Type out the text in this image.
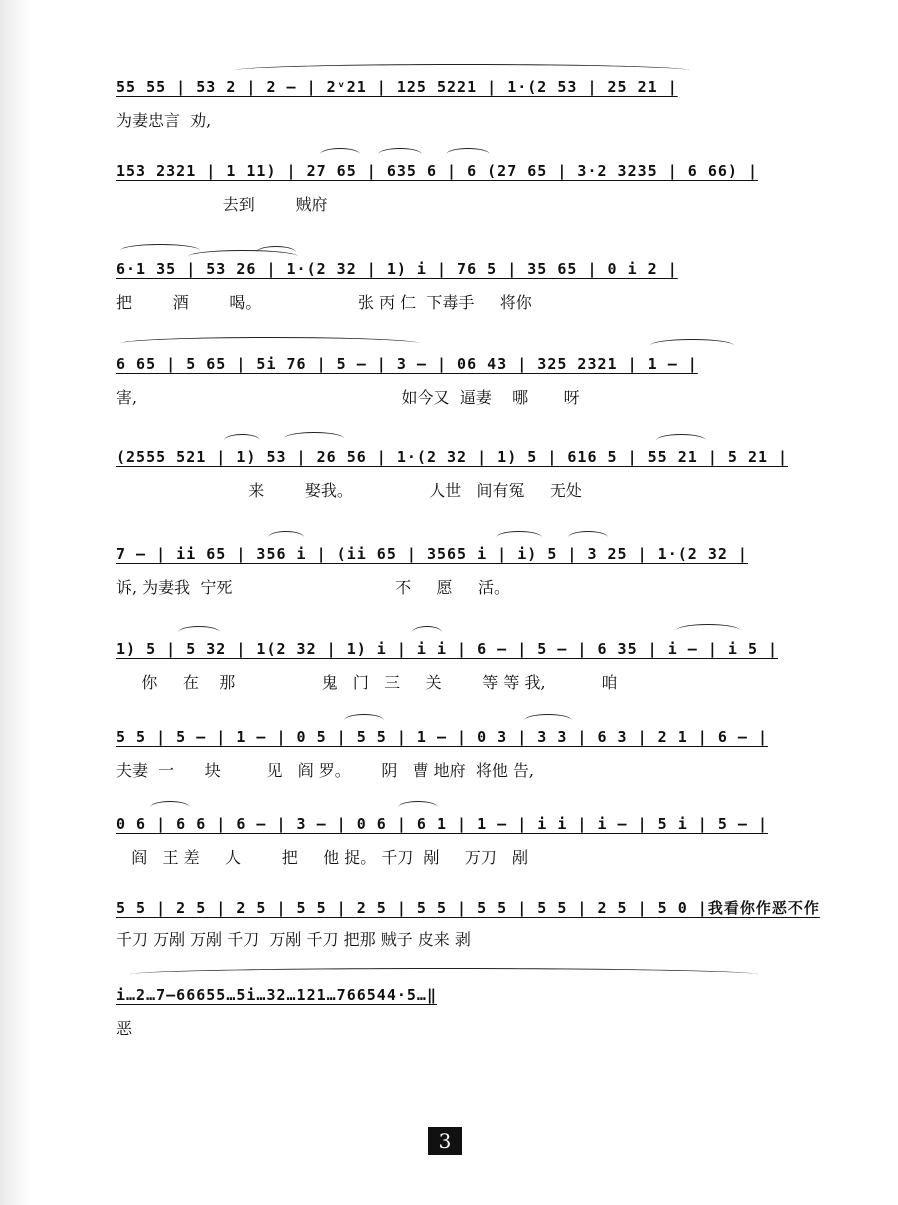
55 55 | 53 2 | 2 — | 2ᵛ21 | 125 5221 | 1·(2 53 | 25 21 |
为妻忠言  劝,
153 2321 | 1 11) | 27 65 | 635 6 | 6 (27 65 | 3·2 3235 | 6 66) |
去到        贼府
6·1 35 | 53 26 | 1·(2 32 | 1) i | 76 5 | 35 65 | 0 i 2 |
把        酒        喝。                   张 丙 仁  下毒手     将你
6 65 | 5 65 | 5i 76 | 5 — | 3 — | 06 43 | 325 2321 | 1 — |
害,                                                    如今又  逼妻    哪       呀
(2555 521 | 1) 53 | 26 56 | 1·(2 32 | 1) 5 | 616 5 | 55 21 | 5 21 |
来        娶我。               人世   间有冤     无处
7 — | ii 65 | 356 i | (ii 65 | 3565 i | i) 5 | 3 25 | 1·(2 32 |
诉, 为妻我  宁死                                不     愿     活。
1) 5 | 5 32 | 1(2 32 | 1) i | i i | 6 — | 5 — | 6 35 | i — | i 5 |
你     在    那                 鬼   门   三     关        等 等 我,           咱
5 5 | 5 — | 1 — | 0 5 | 5 5 | 1 — | 0 3 | 3 3 | 6 3 | 2 1 | 6 — |
夫妻  一      块         见   阎 罗。      阴   曹 地府  将他 告,
0 6 | 6 6 | 6 — | 3 — | 0 6 | 6 1 | 1 — | i i | i — | 5 i | 5 — |
阎   王 差     人        把     他 捉。 千刀  剐     万刀   剐
5 5 | 2 5 | 2 5 | 5 5 | 2 5 | 5 5 | 5 5 | 5 5 | 2 5 | 5 0 |我看你作恶不作
千刀 万剐 万剐 千刀  万剐 千刀 把那 贼子 皮来 剥
i…2…7—66655…5i…32…121…766544·5…‖
恶
3
